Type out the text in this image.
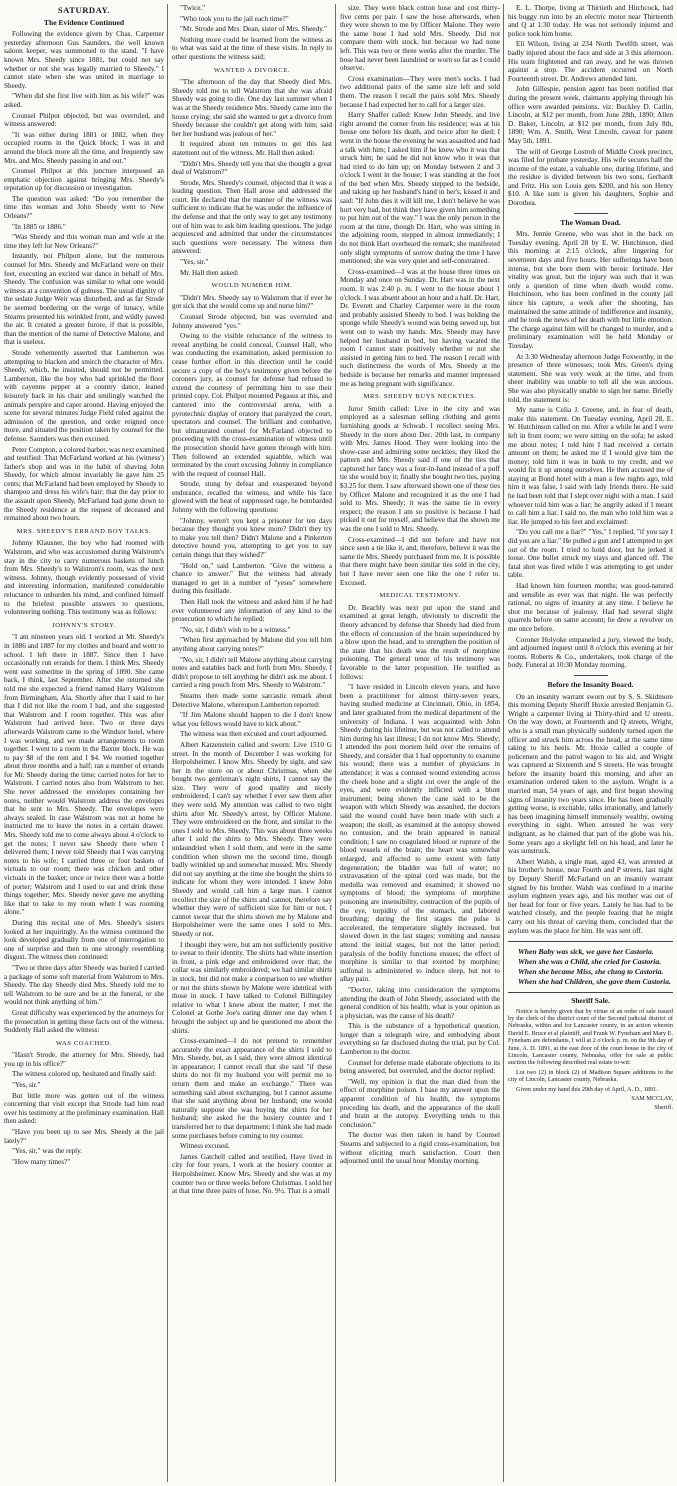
SATURDAY.
The Evidence Continued

Following the evidence given by Chas. Carpenter yesterday afternoon Gus Saunders, the well known saloon keeper, was summoned to the stand. "I have known Mrs. Sheedy since 1881, but could not say whether or not she was legally married to Sheedy." I cannot state when she was united in marriage to Sheedy.

"When did she first live with him as his wife?" was asked.

Counsel Philpot objected, but was overruled, and witness answered:

"It was either during 1881 or 1882, when they occupied rooms in the Quick block; I was in and around the block more all the time, and frequently saw Mrs. and Mrs. Sheedy passing in and out."

Counsel Philpot at this juncture interposed an emphatic objection against bringing Mrs. Sheedy's reputation up for discussion or investigation.

The question was asked: "Do you remember the time this woman and John Sheedy went to New Orleans?"

"In 1885 or 1886."

"Was Sheedy and this woman man and wife at the time they left for New Orleans?"

Instantly, not Philpott alone, but the numerous counsel for Mrs. Sheedy and McFarland were on their feet, executing an excited war dance in behalf of Mrs. Sheedy. The confusion was similar to what one would witness at a convention of gulness. The usual dignity of the sedate Judge Weir was disturbed, and as far Strode he seemed bordering on the verge of lunacy, while Stearns presented his wrinkled front, and wildly pawed the air. It created a greater furore, if that is possible, than the mention of the name of Detective Malone, and that is useless.

Strode vehemently asserted that Lamberton was attempting to blacken and smirch the character of Mrs. Sheedy, which, he insisted, should not be permitted. Lamberton, like the boy who had sprinkled the floor with cayenne pepper at a country dance, leaned leisurely back in his chair and smilingly watched the animals perspire and caper around. Having enjoyed the scene for several minutes Judge Field ruled against the admission of the question, and order reigned once more, and situated the position taken by counsel for the defense. Saunders was then excused.

Peter Compton, a colored barber, was next examined and testified: That McFarland worked at his (witness') father's shop and was in the habit of shaving John Sheedy, for which almost invariably he gave him 25 cents; that McFarland had been employed by Sheedy to shampoo and dress his wife's hair; that the day prior to the assault upon Sheedy, McFarland had gone down to the Sheedy residence at the request of deceased and remained about two hours.

MRS. SHEEDY'S ERRAND BOY TALKS.

Johnny Klausner, the boy who had roomed with Walstrom, and who was accustomed during Walstrom's stay in the city to carry numerous baskets of lunch from Mrs. Sheedy's to Walstrom's room, was the next witness. Johnny, though evidently possessed of vivid and interesting information, manifested considerable reluctance to unburden his mind, and confined himself to the briefest possible answers to questions, volunteering nothing. This testimony was as follows:

JOHNNY'S STORY.

"I am nineteen years old. I worked at Mr. Sheedy's in 1886 and 1887 for my clothes and board and went to school. I left there in 1887. Since then I have occasionally run errands for them. I think Mrs. Sheedy went east sometime in the spring of 1890. She came back, I think, last September. After she returned she told me she expected a friend named Harry Walstrom from Birmingham, Ala. Shortly after that I said to her that I did not like the room I had, and she suggested that Walstrom and I room together. This was after Walstrom had arrived here. Two or three days afterwards Walstrom came to the Windsor hotel, where I was working, and we made arrangements to room together. I went to a room in the Baxter block. He was to pay $8 of the rent and I $4. We roomed together about three months and a half; ran a number of errands for Mr. Sheedy during the time; carried notes for her to Walstrom. I carried notes also from Walstrom to her. She never addressed the envelopes containing her notes, neither would Walstrom address the envelopes that he sent to Mrs. Sheedy. The envelopes were always sealed. In case Walstrom was not at home he instructed me to leave the notes in a certain drawer. Mrs. Sheedy told me to come always about 4 o'clock to get the notes; I never saw Sheedy there when I delivered them; I never told Sheedy that I was carrying notes to his wife; I carried three or four baskets of victuals to our room; there was chicken and other victuals in the basket; once or twice there was a bottle of porter; Walstrom and I used to eat and drink these things together; Mrs. Sheedy never gave me anything like that to take to my room when I was rooming alone."

During this recital one of Mrs. Sheedy's sisters looked at her inquiringly. As the witness continued the look developed gradually from one of interrogation to one of surprise and then to one strongly resembling disgust. The witness then continued:

"Two or three days after Sheedy was buried I carried a package of some soft material from Walstrom to Mrs. Sheedy. The day Sheedy died Mrs. Sheedy told me to tell Walstrom to be sure and be at the funeral, or she would not think anything of him."

Great difficulty was experienced by the attorneys for the prosecution in getting these facts out of the witness. Suddenly Hall asked the witness:

WAS COACHED.

"Hasn't Strode, the attorney for Mrs. Sheedy, had you up in his office?"

The witness colored up, hesitated and finally said:

"Yes, sir."

But little more was gotten out of the witness concerning that visit except that Strode had him read over his testimony at the preliminary examination. Hall then asked:

"Have you been up to see Mrs. Sheedy at the jail lately?"

"Yes, sir," was the reply.

"How many times?"

"Twice."

"Who took you to the jail each time?"

"Mr. Strode and Mrs. Dean, sister of Mrs. Sheedy."

Nothing more could be learned from the witness as to what was said at the time of these visits. In reply to other questions the witness said;

WANTED A DIVORCE.

"The afternoon of the day that Sheedy died Mrs. Sheedy told me to tell Walstrom that she was afraid Sheedy was going to die. One day last summer when I was at the Sheedy residence Mrs. Sheedy came into the house crying; she said she wanted to get a divorce from Sheedy because she couldn't get along with him; said her her husband was jealous of her."

It required about ten minutes to get this last statement out of the witness. Mr. Hall then asked:

"Didn't Mrs. Sheedy tell you that she thought a great deal of Walstrom?"

Strode, Mrs. Sheedy's counsel, objected that it was a leading question. Then Hall arose and addressed the court. He declared that the manner of the witness was sufficient to indicate that he was under the influence of the defense and that the only way to get any testimony out of him was to ask him leading questions. The judge acquiesced and admitted that under the circumstances such questions were necessary. The witness then answered:

"Yes, sir."

Mr. Hall then asked:

WOULD NUMBER HIM.

"Didn't Mrs. Sheedy say to Walstrom that if ever he got sick that she would come up and nurse him?"

Counsel Strode objected, but was overruled and Johnny answered "yes."

Owing to the visible reluctance of the witness to reveal anything he could conceal, Counsel Hall, who was conducting the examination, asked permission to cease further effort in this direction until he could secure a copy of the boy's testimony given before the coroners jury, as counsel for defense had refused to extend the courtesy of permitting him to use their printed copy. Col. Philpot mounted Pegasus at this, and cantered into the controversial arena, with a pyrotechnic display of oratory that paralyzed the court, spectators and counsel. The brilliant and combative, but ulmaturated counsel for McFarland objected to proceeding with the cross-examination of witness until the prosecution should have gotten through with him. Then followed an extended squabble, which was terminated by the court excusing Johnny in compliance with the request of counsel Hall.

Strode, stung by defeat and exasperated beyond endurance, recalled the witness, and while his face glowed with the heat of suppressed rage, he bombarded Johnny with the following questions:

"Johnny, weren't you kept a prisoner for ten days because they thought you knew more? Didn't they try to make you tell then? Didn't Malone and a Pinkerton detective hound you, attempting to get you to say certain things that they wished?"

"Hold on," said Lamberton. "Give the witness a chance to answer." But the witness had already managed to get in a number of "yeses" somewhere during this fusillade.

Then Hall took the witness and asked him if he had ever volunteered any information of any kind to the prosecution to which he replied:

"No, sir, I didn't wish to be a witness."

"When first approached by Malone did you tell him anything about carrying notes?"

"No, sir, I didn't tell Malone anything about carrying notes and eatables back and forth from Mrs. Sheedy. I didn't propose to tell anything he didn't ask me about. I carried a ring pouch from Mrs. Sheedy to Walstrom."

Stearns then made some sarcastic remark about Detective Malone, whereupon Lamberton reported:

"If Jim Malone should happen to die I don't know what you fellows would have to kick about."

The witness was then excused and court adjourned.

Albert Katzenstein called and sworn: Live 1510 G street. In the month of December I was working for Herpolsheimer. I know Mrs. Sheedy by sight, and saw her in the store on or about Christmas, when she bought two gentleman's night shirts, I cannot say the size. They were of good quality and nicely embroidered. I can't say whether I ever saw them after they were sold. My attention was called to two night shirts after Mr. Sheedy's arrest, by Officer Malone. They were embroidered on the front, and similar to the ones I sold to Mrs. Sheedy. This was about three weeks after I sold the shirts to Mrs. Sheedy. They were unlaundried when I sold them, and were in the same condition when shown me the second time, though badly wrinkled up and somewhat mussed. Mrs. Sheedy did not say anything at the time she bought the shirts to indicate for whom they were intended. I knew John Sheedy and would call him a large man. I cannot recollect the size of the shirts and cannot, therefore say whether they were of sufficient size for him or not. I cannot swear that the shirts shown me by Malone and Herpolsheimer were the same ones I sold to Mrs. Sheedy or not.

I thought they were, but am not sufficiently positive to swear to their identity. The shirts had white insertion in front, a pink edge and embroidered over that; the collar was similarly embroidered; we had similar shirts in stock, but did not make a comparison to see whether or not the shirts shown by Malone were identical with those in stock. I have talked to Colonel Billingsley relative to what I knew about the matter; I met the Colonel at Gothe Joe's eating dinner one day when I brought the subject up and he questioned me about the shirts.

Cross-examined—I do not pretend to remember accurately the exact appearance of the shirts I sold to Mrs. Sheedy, but, as I said, they were almost identical in appearance; I cannot recall that she said "if these shirts do not fit my husband you will permit me to return them and make an exchange." There was something said about exchanging, but I cannot assume that she said anything about her husband; one would naturally suppose she was buying the shirts for her husband; she asked for the hosiery counter and I transferred her to that department; I think she had made some purchases before coming to my counter.

Witness excused.

James Gatchell called and testified, Have lived in city for four years, I work at the hosiery counter at Herpolsheimer. Know Mrs. Sheedy and she was at my counter two or three weeks before Christmas. I sold her at that time three pairs of hose, No. 9½. That is a small

size. They were black cotton hose and cost thirty-five cents per pair. I saw the hose afterwards, when they were shown to me by Officer Malone. They were the same hose I had sold Mrs. Sheedy. Did not compare them with stock, but because we had none left. This was two or three weeks after the murder. The hose had never been laundried or worn so far as I could observe.

Cross examination—They were men's socks. I had two additional pairs of the same size left and sold them. The reason I recall the pairs sold Mrs. Sheedy because I had expected her to call for a larger size.

Harry Shaffer called: Knew John Sheedy, and live right around the corner from his residence; was at his house one before his death, and twice after he died; I went in the house the evening he was assaulted and had a talk with him; I asked him if he knew who it was that struck him; he said he did not know who it was that had tried to do him up; on Monday between 2 and 3 o'clock I went in the house; I was standing at the foot of the bed when Mrs. Sheedy stepped to the bedside, and taking up her husband's hand in her's, kissed it and said: "If John dies it will kill me, I don't believe he was hurt very bad, but think they have given him something to put him out of the way." I was the only person in the room at the time, though Dr. Hart, who was sitting in the adjoining room, stepped in almost immediately; I do not think Hart overheard the remark; she manifested only slight symptoms of sorrow during the time I have mentioned; she was very quiet and self-constrained.

Cross-examined—I was at the house three times on Monday and once on Sunday. Dr. Hart was in the next room. It was 2:40 p. m. I went to the house about 1 o'clock. I was absent about an hour and a half. Dr. Hart, Dr. Everett and Charley Carpenter were in the room and probably assisted Sheedy to bed. I was holding the sponge while Sheedy's wound was being sewed up, but went out to wash my hands. Mrs. Sheedy may have helped her husband in bed, but having vacated the room I cannot state positively whether or not she assisted in getting him to bed. The reason I recall with such distinctness the words of Mrs. Sheedy at the bedside is because her remarks and manner impressed me as being pregnant with significance.

MRS. SHEEDY BUYS NECKTIES.

Juror Smith called: Live in the city and was employed as a salesman selling clothing and gents furnishing goods at Schwab. I recollect seeing Mrs. Sheedy in the store about Dec. 20th last, in company with Mrs. James Hood. They were looking into the show-case and admiring some neckties; they liked the pattern and Mrs. Sheedy said if one of the ties that captured her fancy was a four-in-hand instead of a puff tie she would buy it; finally she bought two ties, paying $3.25 for them. I saw afterward shown one of these ties by Officer Malone and recognized it as the one I had sold to Mrs. Sheedy; it was the same tie in every respect; the reason I am so positive is because I had picked it out for myself, and believe that the shown me was the one I sold to Mrs. Sheedy.

Cross-examined—I did not before and have not since seen a tie like it, and, therefore, believe it was the same tie Mrs. Sheedy purchased from me. It is possible that there might have been similar ties sold in the city, but I have never seen one like the one I refer to. Excused.

MEDICAL TESTIMONY.

Dr. Beachly was next put upon the stand and examined at great length, obviously to discredit the theory advanced by defense that Sheedy had died from the effects of concussion of the brain superinduced by a blow upon the head, and to strengthen the position of the state that his death was the result of morphine poisoning. The general tenor of his testimony was favorable to the latter proposition. He testified as follows:

"I have resided in Lincoln eleven years, and have been a practitioner for almost thirty-seven years, having studied medicine at Cincinnati, Ohio, in 1854, and later graduated from the medical department of the university of Indiana. I was acquainted with John Sheedy during his lifetime, but was not called to attend him during his last illness; I do not know Mrs. Sheedy; I attended the post mortem held over the remains of Sheedy, and consider that I had opportunity to examine his wound; there was a number of physicians in attendance; it was a contused wound extending across the cheek bone and a slight cut over the angle of the eyes, and were evidently inflicted with a blunt instrument; being shown the cane said to be the weapon with which Sheedy was assaulted, the doctors said the wound could have been made with such a weapon; the skull, as examined at the autopsy showed no contusion, and the brain appeared in natural condition; I saw no coagulated blood or rupture of the blood vessels of the brain; the heart was somewhat enlarged, and affected to some extent with fatty degeneration; the bladder was full of water; no extravasation of the spinal cord was made, but the medulla was removed and examined; it showed no symptoms of blood; the symptoms of morphine poisoning are insensibility, contraction of the pupils of the eye, torpidity of the stomach, and labored breathing; during the first stages the pulse is accelerated, the temperature slightly increased, but slowed down in the last stages; vomiting and nausea attend the initial stages, but not the latter period; paralysis of the bodily functions ensues; the effect of morphine is similar to that exerted by morphine; sulfonal is administered to induce sleep, but not to allay pain.

"Doctor, taking into consideration the symptoms attending the death of John Sheedy, associated with the general condition of his health, what is your opinion as a physician, was the cause of his death?

This is the substance of a hypothetical question, longer than a telegraph wire, and embodying about everything so far disclosed during the trial, put by Col. Lamberton to the doctor.

Counsel for defense made elaborate objections to its being answered, but overruled, and the doctor replied:

"Well, my opinion is that the man died from the effect of morphine poison. I base my answer upon the apparent condition of his health, the symptoms preceding his death, and the appearance of the skull and brain at the autopsy. Everything tends to this conclusion."

The doctor was then taken in hand by Counsel Stearns and subjected to a rigid cross-examination, but without eliciting much satisfaction. Court then adjourned until the usual hour Monday morning.

E. L. Thorpe, living at Thirtieth and Hitchcock, had his buggy run into by an electric motor near Thirteenth and Q at 1:30 today. He was not seriously injured and police took him home.

Eli Wilson, living at 234 North Twelfth street, was badly injured about the face and side at 3 this afternoon. His team frightened and ran away, and he was thrown against a stop. The accident occurred on North Fourteenth street. Dr. Andrews attended him.

John Gillespie, pension agent has been notified that during the present week, claimants applying through his office were awarded pensions, viz: Buckley D. Catlin, Lincoln, at $12 per month, from June 28th, 1890; Allen D. Baker, Lincoln, at $12 per month, from July 8th, 1890; Wm. A. Smith, West Lincoln, caveat for patent May 5th, 1891.

The will of George Lostroh of Middle Creek precinct, was filed for probate yesterday. His wife secures half the income of the estate, a valuable one, during lifetime, and the residue is divided between his two sons, Gerhardt and Fritz. His son Louis gets $200, and his son Henry $10. A like sum is given his daughters, Sophie and Dorothea.

The Woman Dead.

Mrs. Jennie Greene, who was shot in the back on Tuesday evening, April 28 by E. W. Hutchinson, died this morning at 2:15 o'clock, after lingering for seventeen days and five hours. Her sufferings have been intense, but she bore them with heroic fortitude. Her vitality was great, but the injury was such that it was only a question of time when death would come. Hutchinson, who has been confined in the county jail since his capture, a week after the shooting, has maintained the same attitude of indifference and insanity, and he took the news of her death with but little emotion. The charge against him will be changed to murder, and a preliminary examination will be held Monday or Tuesday.

At 3:30 Wednesday afternoon Judge Foxworthy, in the presence of three witnesses; took Mrs. Green's dying statement. She was very weak at the time, and from sheer inability was unable to tell all she was anxious. She was also physically unable to sign her name. Briefly told, the statement is:

My name is Celia J. Greene, and, in fear of death, make this statement. On Tuesday evening, April 28, E. W. Hutchinson called on me. After a while he and I were left in front room; we were sitting on the sofa; he asked me about notes; I told him I had received a certain amount on them; he asked me if I would give him the money; told him it was in bank to my credit, and we would fix it up among ourselves. He then accused me of staying at Bond hotel with a man a few nights ago, told him it was false, I said with lady friends there. He said he had been told that I slept over night with a man. I said whoever told him was a liar; he angrily asked if I meant to call him a liar. I said no, the man who told him was a liar. He jumped to his feet and exclaimed:

"Do you call me a liar?" "Yes," I replied, "if you say I did you are a liar." He pulled a gun and I attempted to get out of the room. I tried to hold door, but he jerked it loose. One bullet struck my stays and glanced off. The fatal shot was fired while I was attempting to get under table.

Had known him fourteen months; was good-natured and sensible as ever was that night. He was perfectly rational, no signs of insanity at any time. I believe he shot me because of jealousy. Had had several slight quarrels before on same account; he drew a revolver on me once before.

Coroner Holyoke empaneled a jury, viewed the body, and adjourned inquest until 8 o'clock this evening at her rooms. Roberts & Co., undertakers, took charge of the body. Funeral at 10:30 Monday morning.

Before the Insanity Board.

On an insanity warrant sworn out by S. S. Skidmore this morning Deputy Sheriff Hoxie arrested Benjamin G. Wright a carpenter living at Thirty-third and U streets. On the way down, at Fourteenth and Q streets, Wright, who is a small man physically suddenly turned upon the officer and struck him across the head, at the same time taking to his heels. Mr. Hoxie called a couple of policemen and the patrol wagon to his aid, and Wright was captured at Sixteenth and S streets. He was brought before the insanity board this morning, and after an examination ordered taken to the asylum. Wright is a married man, 54 years of age, and first began showing signs of insanity two years since. He has been gradually getting worse, is excitable, talks irrationally, and latterly has been imagining himself immensely wealthy, owning everything in sight. When arrested he was very indignant, as he claimed that part of the globe was his. Some years ago a skylight fell on his head, and later he was sunstruck.

Albert Walsh, a single man, aged 43, was arrested at his brother's house, near Fourth and P streets, last night by Deputy Sheriff McFarland on an insanity warrant signed by his brother. Walsh was confined in a marine asylum eighteen years ago, and his mother was out of her head for four or five years. Lately he has had to be watched closely, and the people fearing that he might carry out his threat of carving them, concluded that the asylum was the place for him. He was sent off.

When Baby was sick, we gave her Castoria.
When she was a Child, she cried for Castoria.
When she became Miss, she clung to Castoria.
When she had Children, she gave them Castoria.
Sheriff Sale.

Notice is hereby given that by virtue of an order of sale issued by the clerk of the district court of the Second judicial district of Nebraska, within and for Lancaster county, in an action wherein David E. Bruce et al plaintiff, and Frank W. Fyneham and Mary E. Fyneham are defendants, I will at 2 o'clock p. m. on the 9th day of June, A. D. 1891, at the east door of the court house in the city of Lincoln, Lancaster county, Nebraska, offer for sale at public auction the following described real estate to-wit:

Lot two (2) in block (2) of Madison Square additions to the city of Lincoln, Lancaster county, Nebraska.

Given under my hand this 29th day of April, A. D., 1891.

SAM MCCLAY,
Sheriff.
